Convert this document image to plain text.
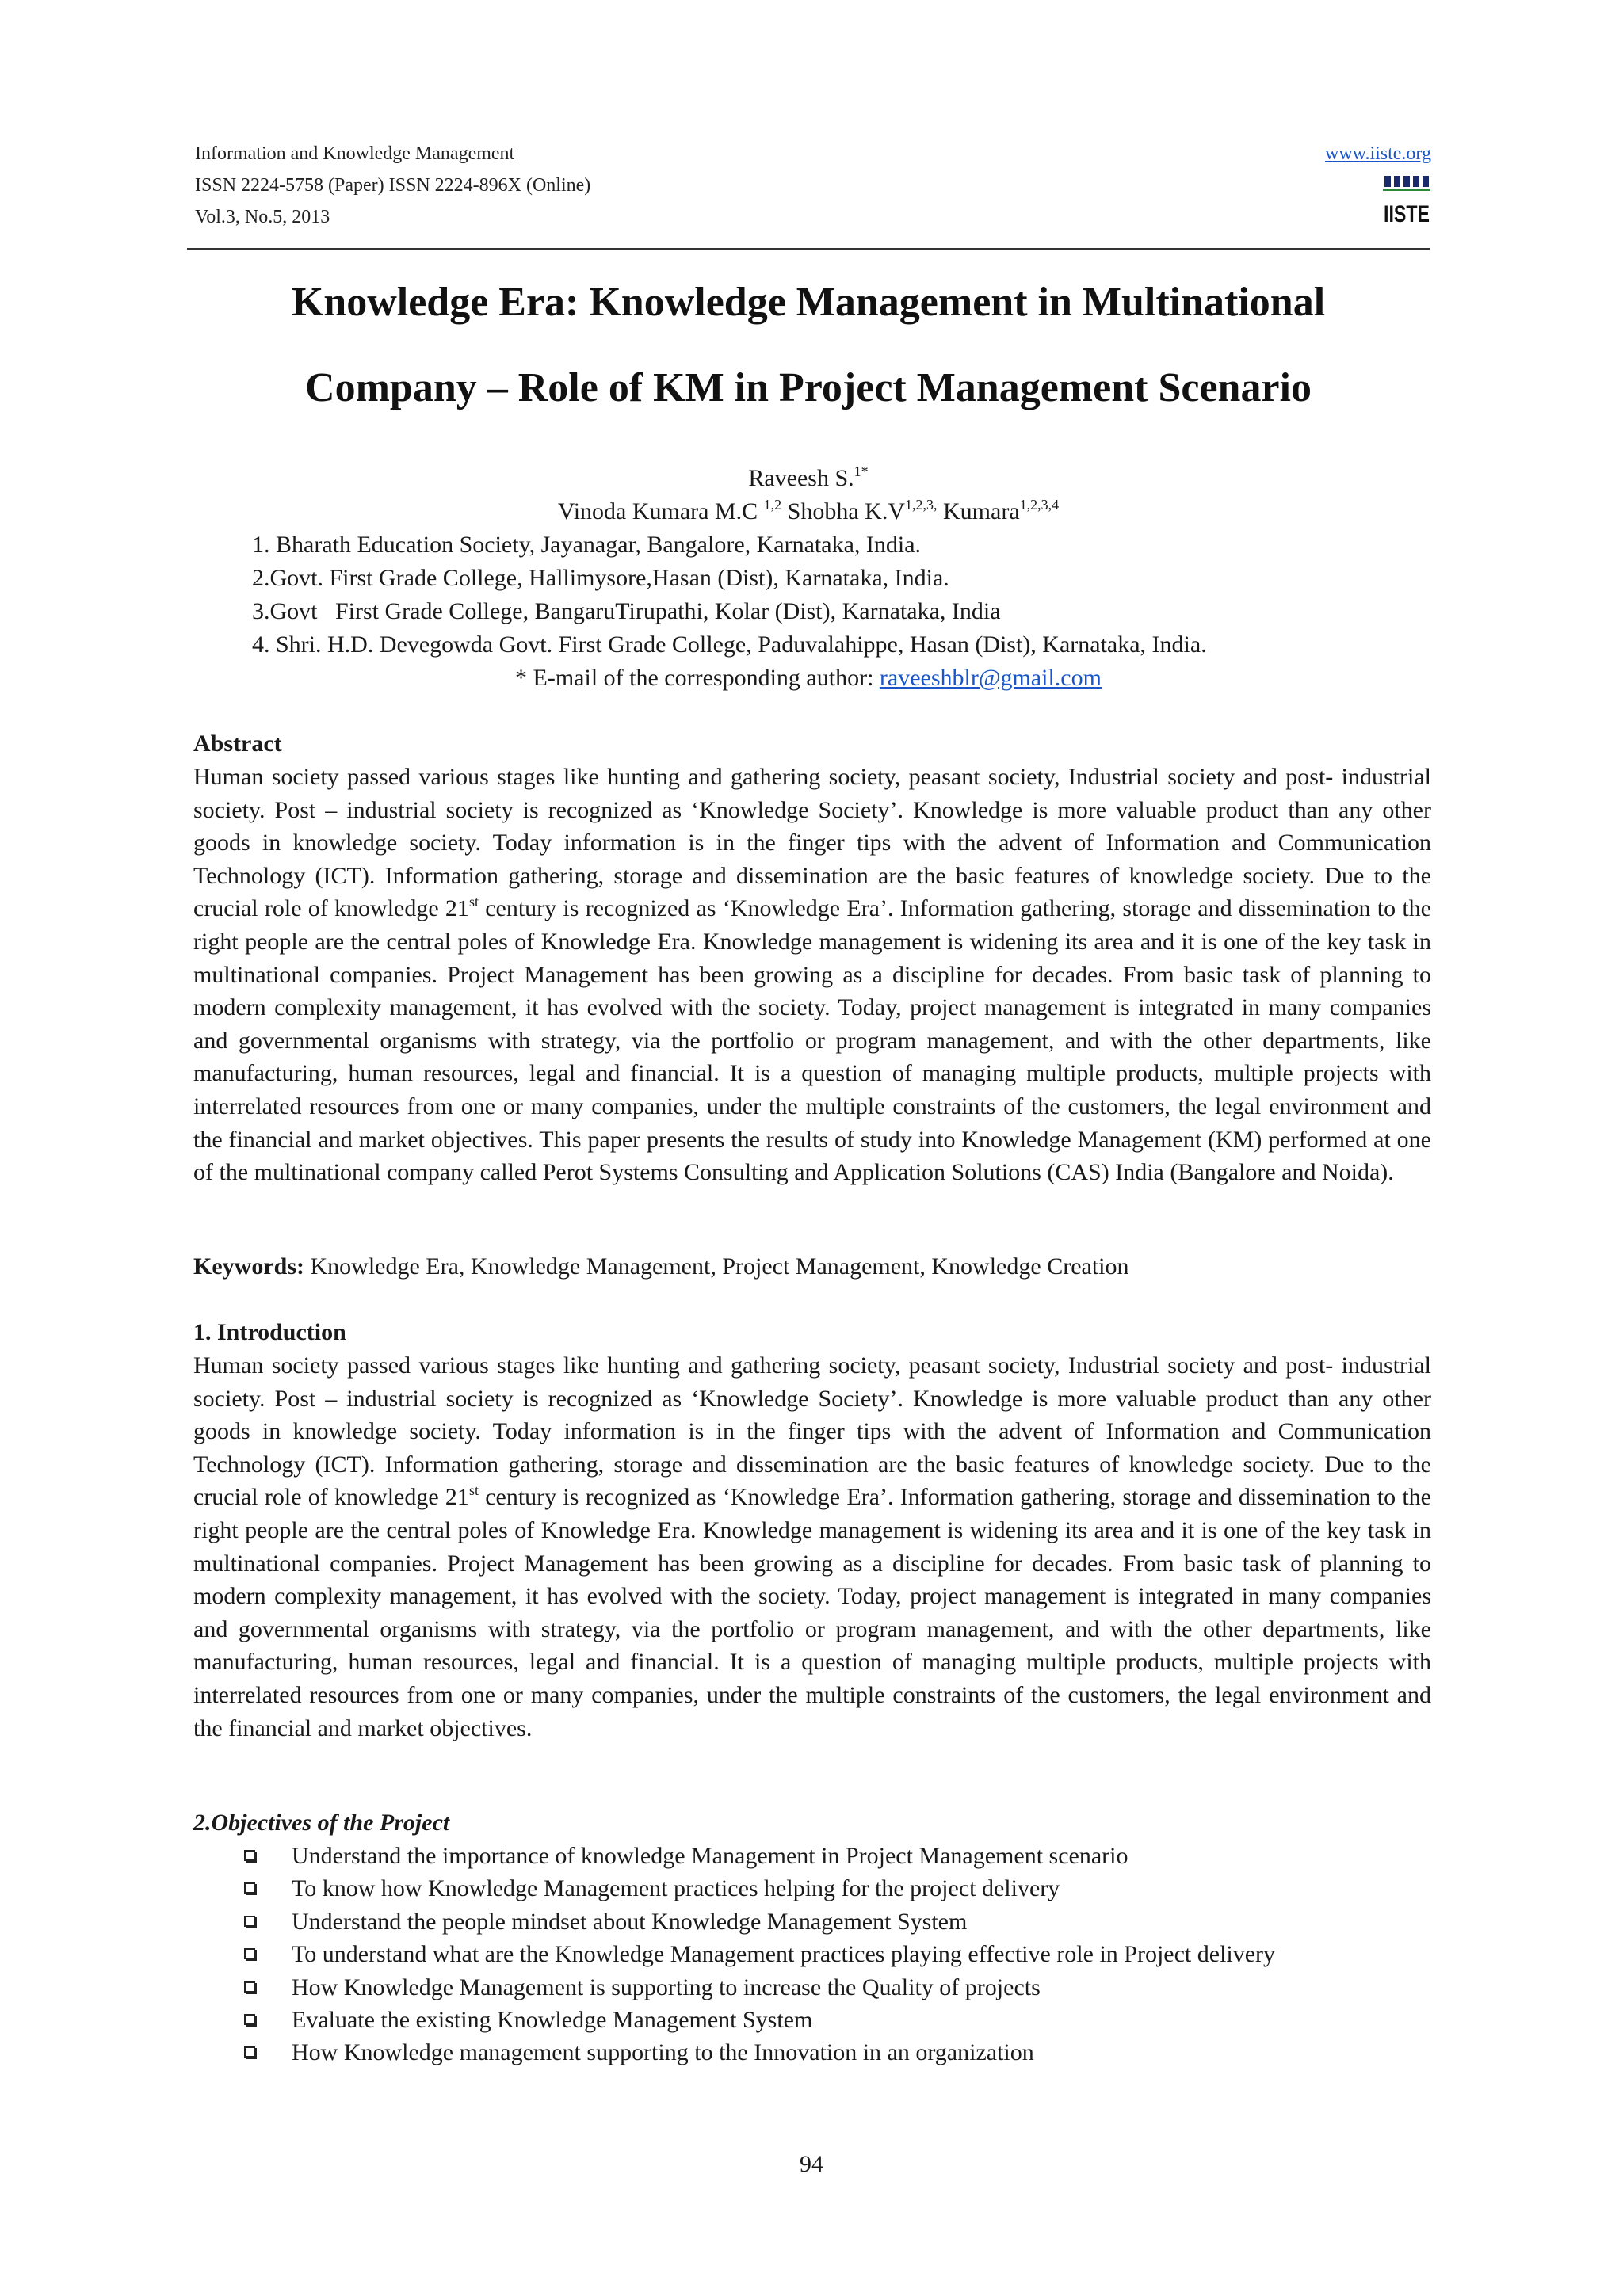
Information and Knowledge Management
ISSN 2224-5758 (Paper) ISSN 2224-896X (Online)
Vol.3, No.5, 2013
www.iiste.org
IISTE
Knowledge Era: Knowledge Management in Multinational
Company – Role of KM in Project Management Scenario
Raveesh S.$^{1*}$
Vinoda Kumara M.C $^{1,2}$ Shobha $K.V^{1,2,3,}$ Kumara$^{1,2,3,4}$
1. Bharath Education Society, Jayanagar, Bangalore, Karnataka, India.
2.Govt. First Grade College, Hallimysore,Hasan (Dist), Karnataka, India.
3.Govt   First Grade College, BangaruTirupathi, Kolar (Dist), Karnataka, India
4. Shri. H.D. Devegowda Govt. First Grade College, Paduvalahippe, Hasan (Dist), Karnataka, India.
* E-mail of the corresponding author: raveeshblr@gmail.com
Abstract
Human society passed various stages like hunting and gathering society, peasant society, Industrial society and post- industrial society. Post – industrial society is recognized as ‘Knowledge Society’. Knowledge is more valuable product than any other goods in knowledge society. Today information is in the finger tips with the advent of Information and Communication Technology (ICT). Information gathering, storage and dissemination are the basic features of knowledge society. Due to the crucial role of knowledge 21st century is recognized as ‘Knowledge Era’. Information gathering, storage and dissemination to the right people are the central poles of Knowledge Era. Knowledge management is widening its area and it is one of the key task in multinational companies. Project Management has been growing as a discipline for decades. From basic task of planning to modern complexity management, it has evolved with the society. Today, project management is integrated in many companies and governmental organisms with strategy, via the portfolio or program management, and with the other departments, like manufacturing, human resources, legal and financial. It is a question of managing multiple products, multiple projects with interrelated resources from one or many companies, under the multiple constraints of the customers, the legal environment and the financial and market objectives. This paper presents the results of study into Knowledge Management (KM) performed at one of the multinational company called Perot Systems Consulting and Application Solutions (CAS) India (Bangalore and Noida).
Keywords: Knowledge Era, Knowledge Management, Project Management, Knowledge Creation
1. Introduction
Human society passed various stages like hunting and gathering society, peasant society, Industrial society and post- industrial society. Post – industrial society is recognized as ‘Knowledge Society’. Knowledge is more valuable product than any other goods in knowledge society. Today information is in the finger tips with the advent of Information and Communication Technology (ICT). Information gathering, storage and dissemination are the basic features of knowledge society. Due to the crucial role of knowledge 21st century is recognized as ‘Knowledge Era’. Information gathering, storage and dissemination to the right people are the central poles of Knowledge Era. Knowledge management is widening its area and it is one of the key task in multinational companies. Project Management has been growing as a discipline for decades. From basic task of planning to modern complexity management, it has evolved with the society. Today, project management is integrated in many companies and governmental organisms with strategy, via the portfolio or program management, and with the other departments, like manufacturing, human resources, legal and financial. It is a question of managing multiple products, multiple projects with interrelated resources from one or many companies, under the multiple constraints of the customers, the legal environment and the financial and market objectives.
2.Objectives of the Project
Understand the importance of knowledge Management in Project Management scenario
To know how Knowledge Management practices helping for the project delivery
Understand the people mindset about Knowledge Management System
To understand what are the Knowledge Management practices playing effective role in Project delivery
How Knowledge Management is supporting to increase the Quality of projects
Evaluate the existing Knowledge Management System
How Knowledge management supporting to the Innovation in an organization
94
